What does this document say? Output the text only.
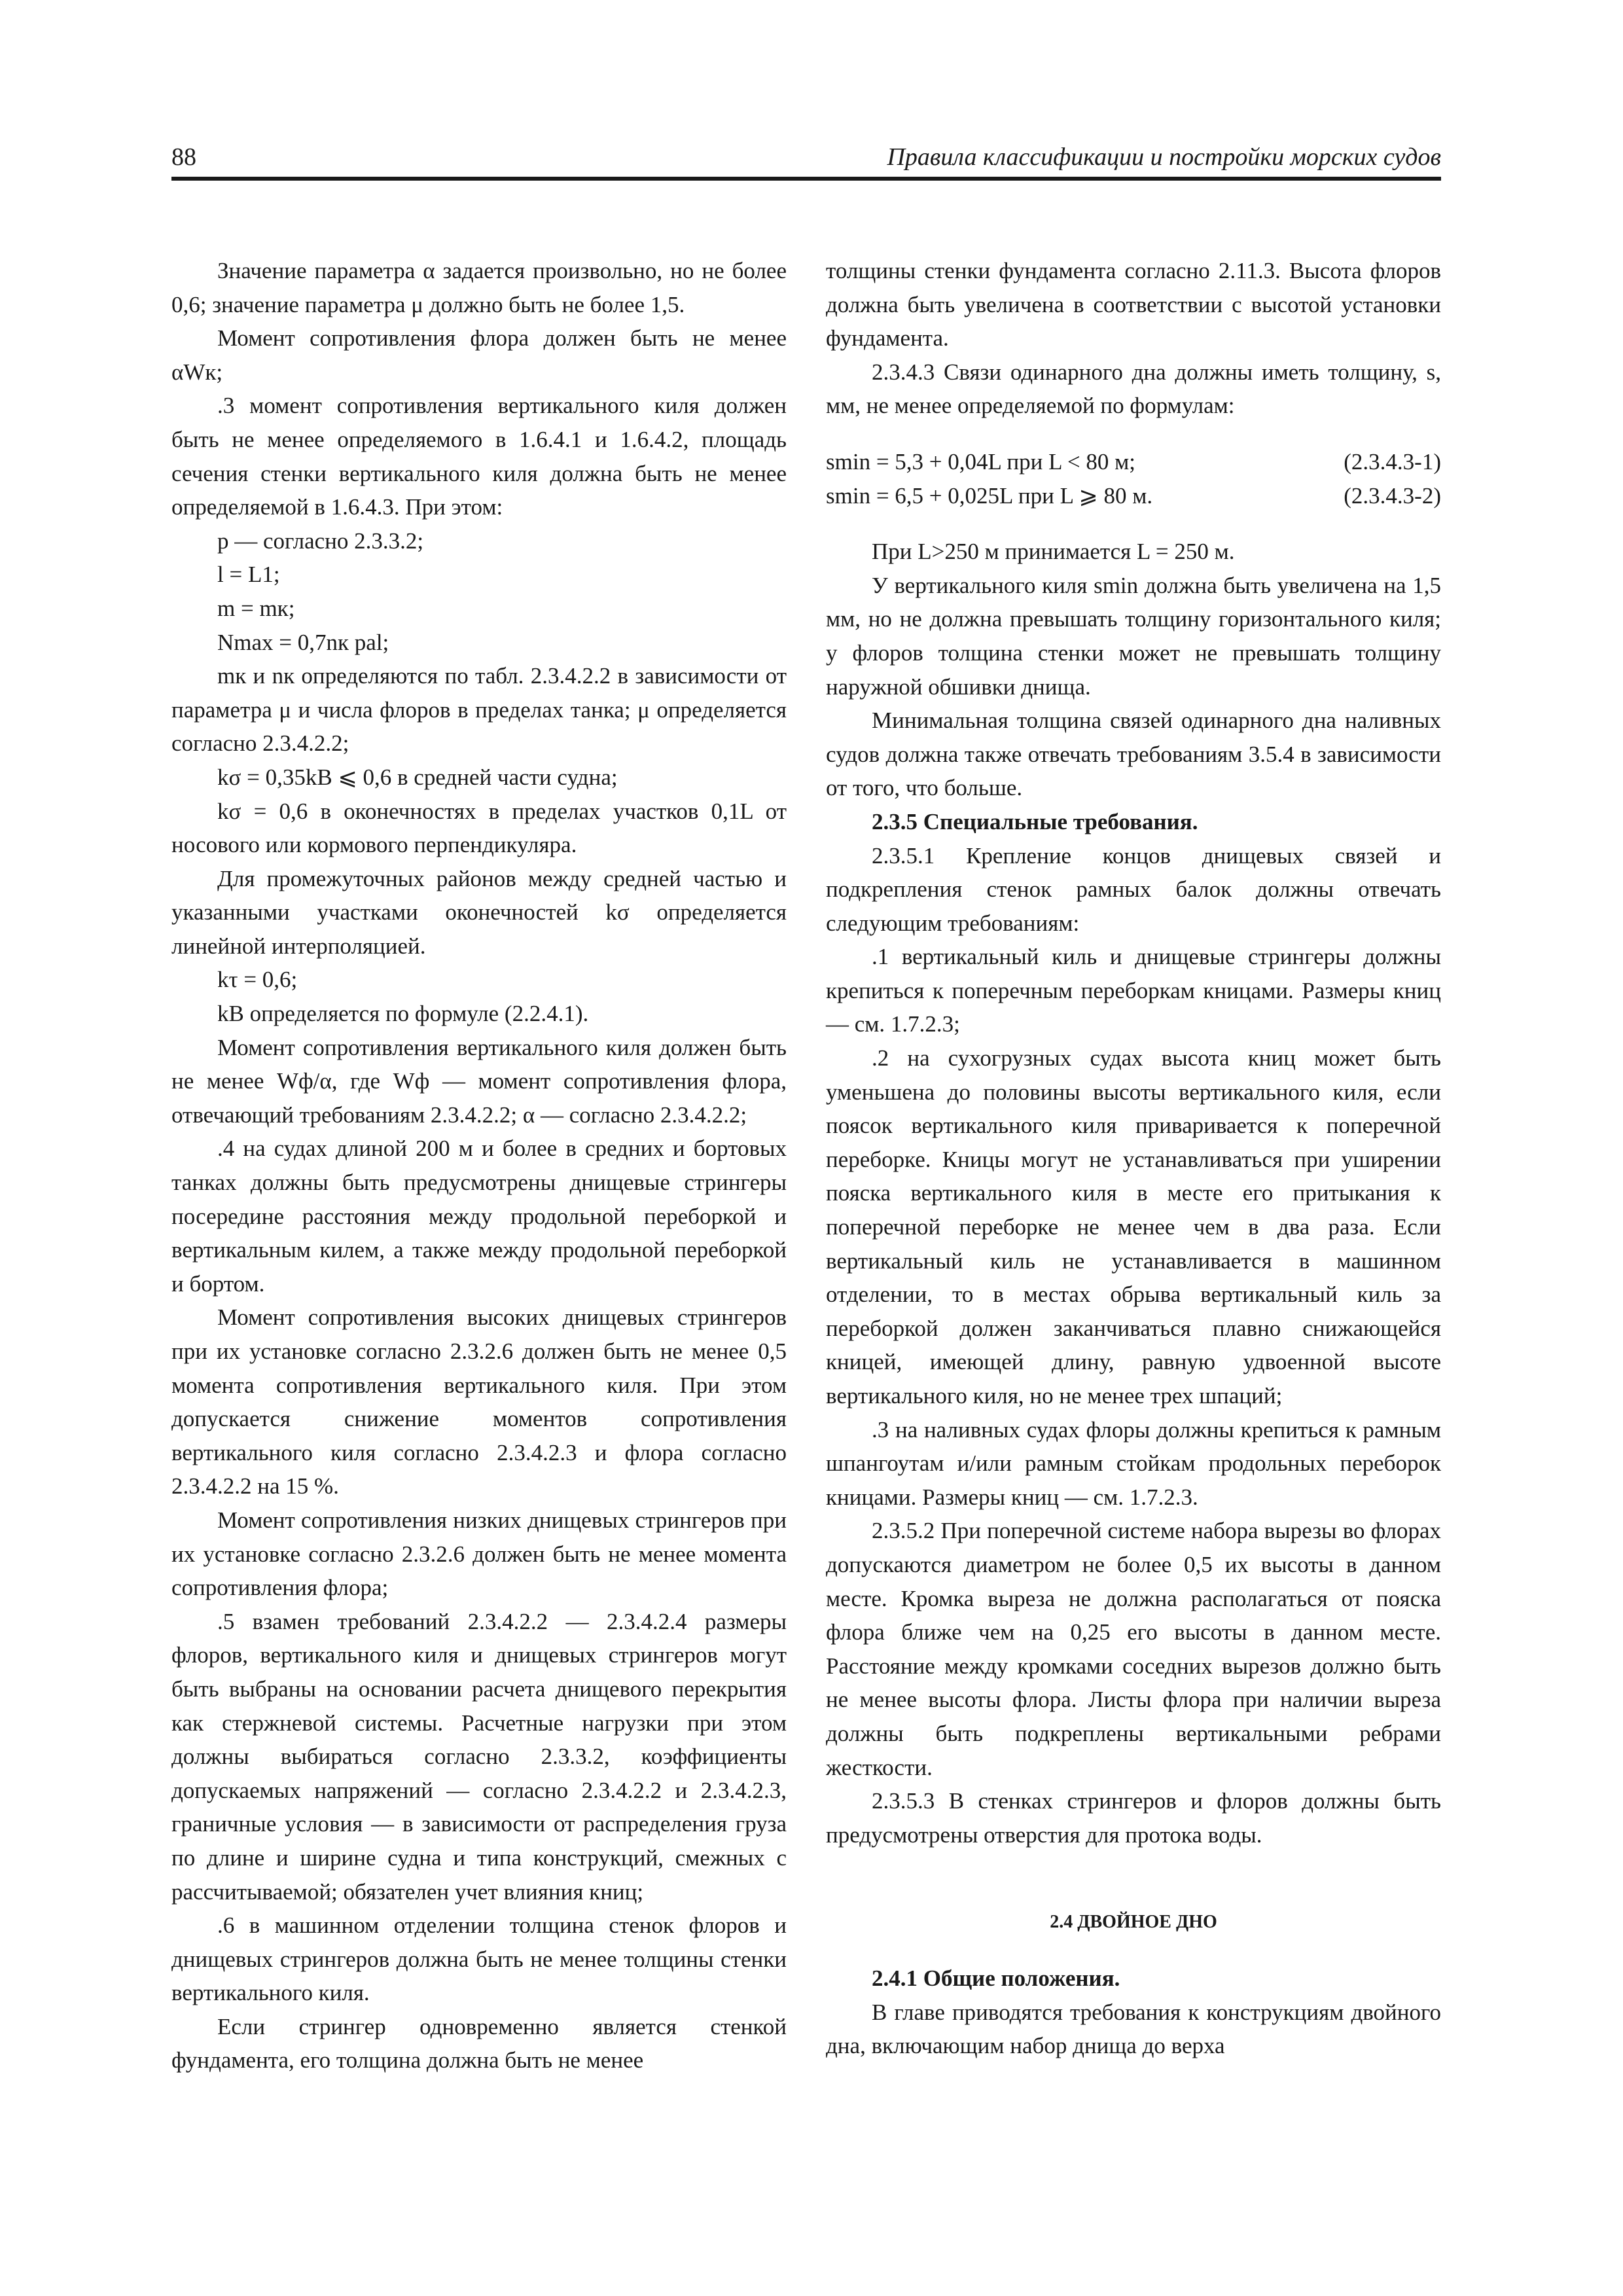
88	Правила классификации и постройки морских судов

Значение параметра α задается произвольно, но не более 0,6; значение параметра μ должно быть не более 1,5.

Момент сопротивления флора должен быть не менее αWк;

.3 момент сопротивления вертикального киля должен быть не менее определяемого в 1.6.4.1 и 1.6.4.2, площадь сечения стенки вертикального киля должна быть не менее определяемой в 1.6.4.3. При этом:

p — согласно 2.3.3.2;

l = L1;

m = mк;

Nmax = 0,7nк pal;

mк и nк определяются по табл. 2.3.4.2.2 в зависимости от параметра μ и числа флоров в пределах танка; μ определяется согласно 2.3.4.2.2;

kσ = 0,35kB ⩽ 0,6 в средней части судна;

kσ = 0,6 в оконечностях в пределах участков 0,1L от носового или кормового перпендикуляра.

Для промежуточных районов между средней частью и указанными участками оконечностей kσ определяется линейной интерполяцией.

kτ = 0,6;

kB определяется по формуле (2.2.4.1).

Момент сопротивления вертикального киля должен быть не менее Wф/α, где Wф — момент сопротивления флора, отвечающий требованиям 2.3.4.2.2; α — согласно 2.3.4.2.2;

.4 на судах длиной 200 м и более в средних и бортовых танках должны быть предусмотрены днищевые стрингеры посередине расстояния между продольной переборкой и вертикальным килем, а также между продольной переборкой и бортом.

Момент сопротивления высоких днищевых стрингеров при их установке согласно 2.3.2.6 должен быть не менее 0,5 момента сопротивления вертикального киля. При этом допускается снижение моментов сопротивления вертикального киля согласно 2.3.4.2.3 и флора согласно 2.3.4.2.2 на 15 %.

Момент сопротивления низких днищевых стрингеров при их установке согласно 2.3.2.6 должен быть не менее момента сопротивления флора;

.5 взамен требований 2.3.4.2.2 — 2.3.4.2.4 размеры флоров, вертикального киля и днищевых стрингеров могут быть выбраны на основании расчета днищевого перекрытия как стержневой системы. Расчетные нагрузки при этом должны выбираться согласно 2.3.3.2, коэффициенты допускаемых напряжений — согласно 2.3.4.2.2 и 2.3.4.2.3, граничные условия — в зависимости от распределения груза по длине и ширине судна и типа конструкций, смежных с рассчитываемой; обязателен учет влияния книц;

.6 в машинном отделении толщина стенок флоров и днищевых стрингеров должна быть не менее толщины стенки вертикального киля.

Если стрингер одновременно является стенкой фундамента, его толщина должна быть не менее

толщины стенки фундамента согласно 2.11.3. Высота флоров должна быть увеличена в соответствии с высотой установки фундамента.

2.3.4.3 Связи одинарного дна должны иметь толщину, s, мм, не менее определяемой по формулам:

smin = 5,3 + 0,04L при L < 80 м;	(2.3.4.3-1)

smin = 6,5 + 0,025L при L ⩾ 80 м.	(2.3.4.3-2)

При L>250 м принимается L = 250 м.

У вертикального киля smin должна быть увеличена на 1,5 мм, но не должна превышать толщину горизонтального киля; у флоров толщина стенки может не превышать толщину наружной обшивки днища.

Минимальная толщина связей одинарного дна наливных судов должна также отвечать требованиям 3.5.4 в зависимости от того, что больше.

2.3.5 Специальные требования.

2.3.5.1 Крепление концов днищевых связей и подкрепления стенок рамных балок должны отвечать следующим требованиям:

.1 вертикальный киль и днищевые стрингеры должны крепиться к поперечным переборкам кницами. Размеры книц — см. 1.7.2.3;

.2 на сухогрузных судах высота книц может быть уменьшена до половины высоты вертикального киля, если поясок вертикального киля приваривается к поперечной переборке. Кницы могут не устанавливаться при уширении пояска вертикального киля в месте его притыкания к поперечной переборке не менее чем в два раза. Если вертикальный киль не устанавливается в машинном отделении, то в местах обрыва вертикальный киль за переборкой должен заканчиваться плавно снижающейся кницей, имеющей длину, равную удвоенной высоте вертикального киля, но не менее трех шпаций;

.3 на наливных судах флоры должны крепиться к рамным шпангоутам и/или рамным стойкам продольных переборок кницами. Размеры книц — см. 1.7.2.3.

2.3.5.2 При поперечной системе набора вырезы во флорах допускаются диаметром не более 0,5 их высоты в данном месте. Кромка выреза не должна располагаться от пояска флора ближе чем на 0,25 его высоты в данном месте. Расстояние между кромками соседних вырезов должно быть не менее высоты флора. Листы флора при наличии выреза должны быть подкреплены вертикальными ребрами жесткости.

2.3.5.3 В стенках стрингеров и флоров должны быть предусмотрены отверстия для протока воды.

2.4 ДВОЙНОЕ ДНО

2.4.1 Общие положения.

В главе приводятся требования к конструкциям двойного дна, включающим набор днища до верха
